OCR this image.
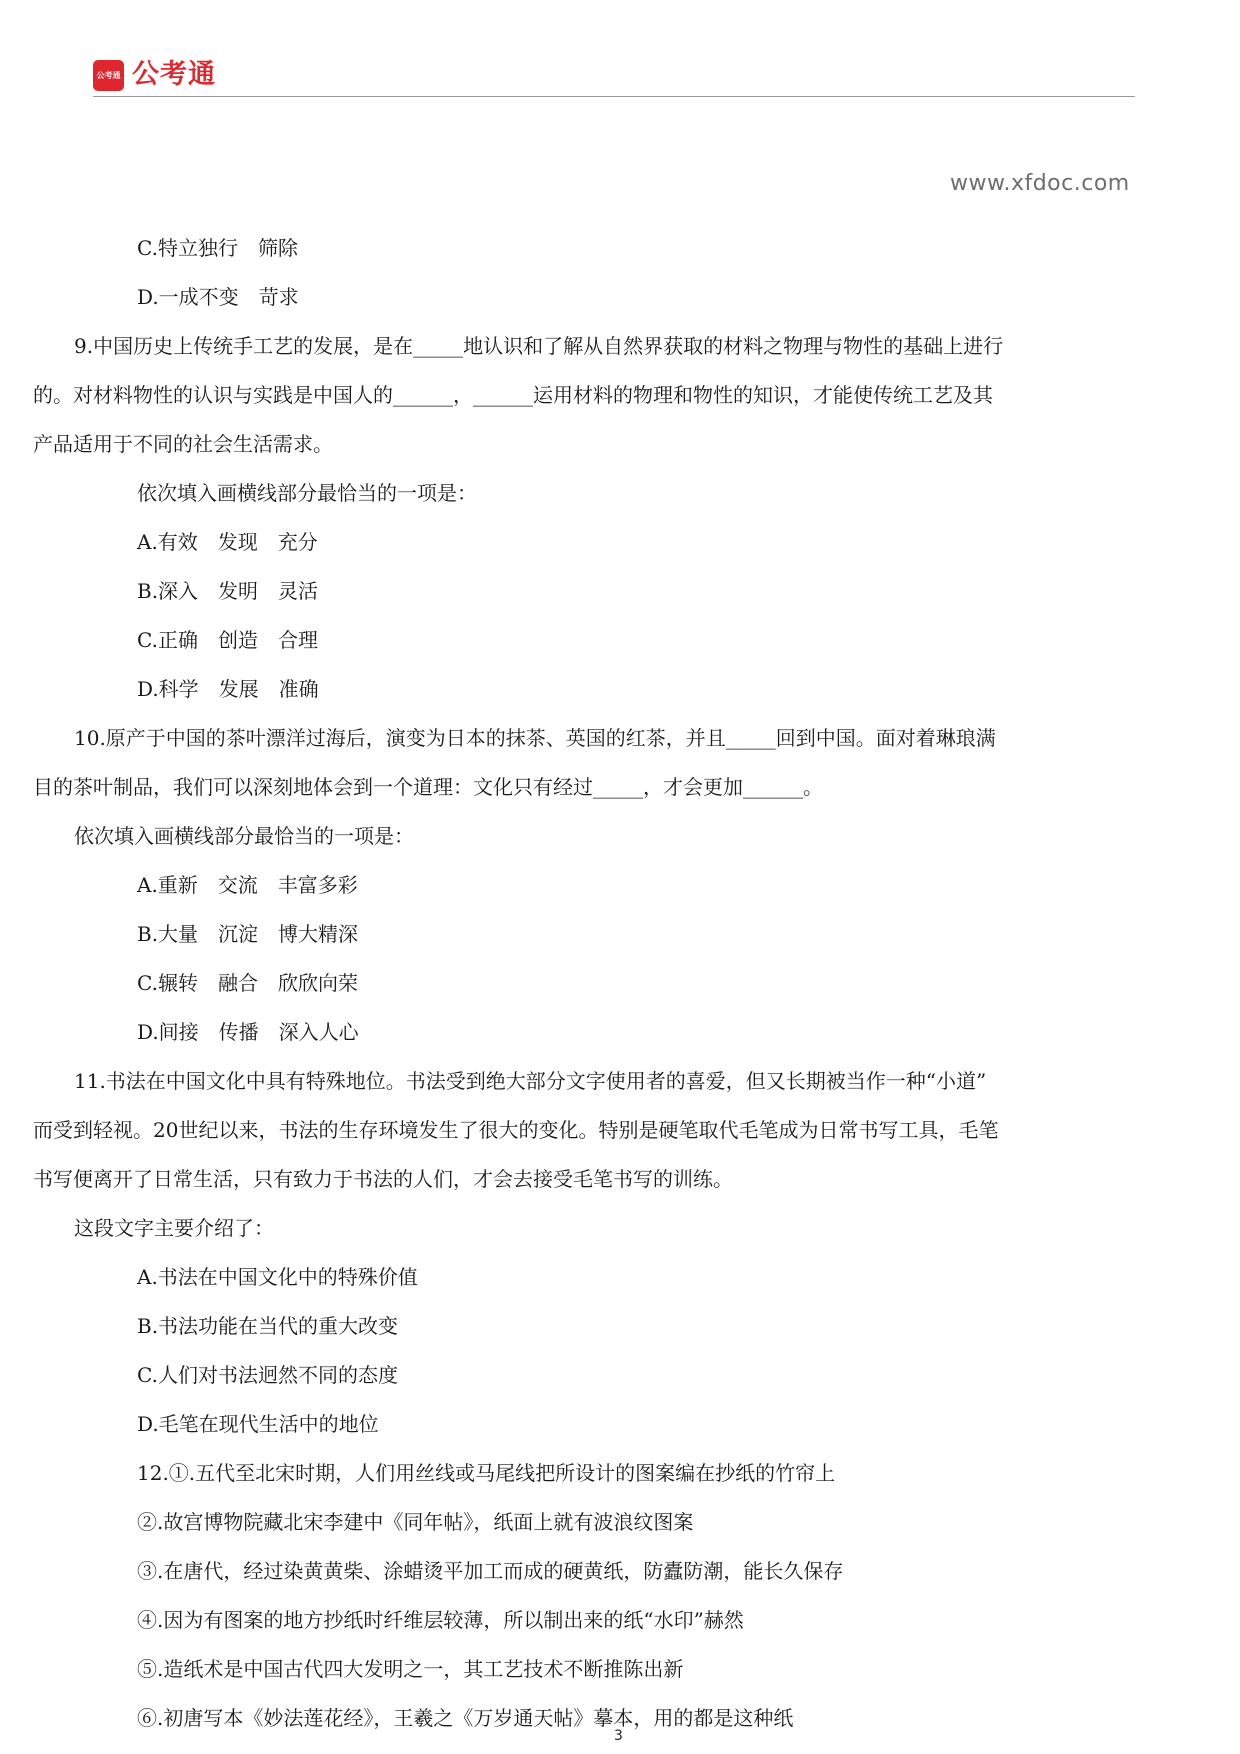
公考通 公考通
www.xfdoc.com
C.特立独行　筛除
D.一成不变　苛求
9.中国历史上传统手工艺的发展，是在_____地认识和了解从自然界获取的材料之物理与物性的基础上进行
的。对材料物性的认识与实践是中国人的______，______运用材料的物理和物性的知识，才能使传统工艺及其
产品适用于不同的社会生活需求。
依次填入画横线部分最恰当的一项是：
A.有效　发现　充分
B.深入　发明　灵活
C.正确　创造　合理
D.科学　发展　准确
10.原产于中国的茶叶漂洋过海后，演变为日本的抹茶、英国的红茶，并且_____回到中国。面对着琳琅满
目的茶叶制品，我们可以深刻地体会到一个道理：文化只有经过_____，才会更加______。
依次填入画横线部分最恰当的一项是：
A.重新　交流　丰富多彩
B.大量　沉淀　博大精深
C.辗转　融合　欣欣向荣
D.间接　传播　深入人心
11.书法在中国文化中具有特殊地位。书法受到绝大部分文字使用者的喜爱，但又长期被当作一种“小道”
而受到轻视。20世纪以来，书法的生存环境发生了很大的变化。特别是硬笔取代毛笔成为日常书写工具，毛笔
书写便离开了日常生活，只有致力于书法的人们，才会去接受毛笔书写的训练。
这段文字主要介绍了：
A.书法在中国文化中的特殊价值
B.书法功能在当代的重大改变
C.人们对书法迥然不同的态度
D.毛笔在现代生活中的地位
12.①.五代至北宋时期，人们用丝线或马尾线把所设计的图案编在抄纸的竹帘上
②.故宫博物院藏北宋李建中《同年帖》，纸面上就有波浪纹图案
③.在唐代，经过染黄黄柴、涂蜡烫平加工而成的硬黄纸，防蠹防潮，能长久保存
④.因为有图案的地方抄纸时纤维层较薄，所以制出来的纸“水印”赫然
⑤.造纸术是中国古代四大发明之一，其工艺技术不断推陈出新
⑥.初唐写本《妙法莲花经》，王羲之《万岁通天帖》摹本，用的都是这种纸
3
